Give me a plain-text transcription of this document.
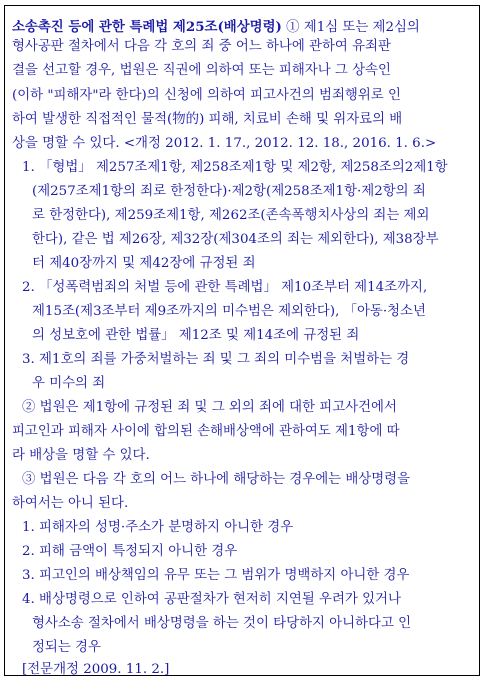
소송촉진 등에 관한 특례법 제25조(배상명령) ① 제1심 또는 제2심의
형사공판 절차에서 다음 각 호의 죄 중 어느 하나에 관하여 유죄판
결을 선고할 경우, 법원은 직권에 의하여 또는 피해자나 그 상속인
(이하 "피해자"라 한다)의 신청에 의하여 피고사건의 범죄행위로 인
하여 발생한 직접적인 물적(物的) 피해, 치료비 손해 및 위자료의 배
상을 명할 수 있다. <개정 2012. 1. 17., 2012. 12. 18., 2016. 1. 6.>
1. 「형법」 제257조제1항, 제258조제1항 및 제2항, 제258조의2제1항
(제257조제1항의 죄로 한정한다)·제2항(제258조제1항·제2항의 죄
로 한정한다), 제259조제1항, 제262조(존속폭행치사상의 죄는 제외
한다), 같은 법 제26장, 제32장(제304조의 죄는 제외한다), 제38장부
터 제40장까지 및 제42장에 규정된 죄
2. 「성폭력범죄의 처벌 등에 관한 특례법」 제10조부터 제14조까지,
제15조(제3조부터 제9조까지의 미수범은 제외한다), 「아동·청소년
의 성보호에 관한 법률」 제12조 및 제14조에 규정된 죄
3. 제1호의 죄를 가중처벌하는 죄 및 그 죄의 미수범을 처벌하는 경
우 미수의 죄
② 법원은 제1항에 규정된 죄 및 그 외의 죄에 대한 피고사건에서
피고인과 피해자 사이에 합의된 손해배상액에 관하여도 제1항에 따
라 배상을 명할 수 있다.
③ 법원은 다음 각 호의 어느 하나에 해당하는 경우에는 배상명령을
하여서는 아니 된다.
1. 피해자의 성명·주소가 분명하지 아니한 경우
2. 피해 금액이 특정되지 아니한 경우
3. 피고인의 배상책임의 유무 또는 그 범위가 명백하지 아니한 경우
4. 배상명령으로 인하여 공판절차가 현저히 지연될 우려가 있거나
형사소송 절차에서 배상명령을 하는 것이 타당하지 아니하다고 인
정되는 경우
[전문개정 2009. 11. 2.]
